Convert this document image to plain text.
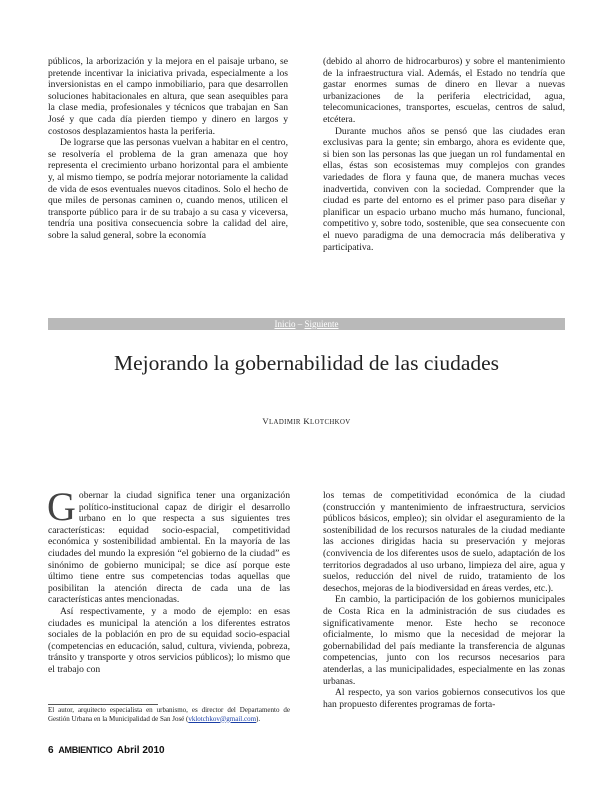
públicos, la arborización y la mejora en el paisaje urbano, se pretende incentivar la iniciativa privada, especialmente a los inversionistas en el campo inmobiliario, para que desarrollen soluciones habitacionales en altura, que sean asequibles para la clase media, profesionales y técnicos que trabajan en San José y que cada día pierden tiempo y dinero en largos y costosos desplazamientos hasta la periferia.

De lograrse que las personas vuelvan a habitar en el centro, se resolvería el problema de la gran amenaza que hoy representa el crecimiento urbano horizontal para el ambiente y, al mismo tiempo, se podría mejorar notoriamente la calidad de vida de esos eventuales nuevos citadinos. Solo el hecho de que miles de personas caminen o, cuando menos, utilicen el transporte público para ir de su trabajo a su casa y viceversa, tendría una positiva consecuencia sobre la calidad del aire, sobre la salud general, sobre la economía

(debido al ahorro de hidrocarburos) y sobre el mantenimiento de la infraestructura vial. Además, el Estado no tendría que gastar enormes sumas de dinero en llevar a nuevas urbanizaciones de la periferia electricidad, agua, telecomunicaciones, transportes, escuelas, centros de salud, etcétera.

Durante muchos años se pensó que las ciudades eran exclusivas para la gente; sin embargo, ahora es evidente que, si bien son las personas las que juegan un rol fundamental en ellas, éstas son ecosistemas muy complejos con grandes variedades de flora y fauna que, de manera muchas veces inadvertida, conviven con la sociedad. Comprender que la ciudad es parte del entorno es el primer paso para diseñar y planificar un espacio urbano mucho más humano, funcional, competitivo y, sobre todo, sostenible, que sea consecuente con el nuevo paradigma de una democracia más deliberativa y participativa.

Inicio – Siguiente
Mejorando la gobernabilidad de las ciudades
VLADIMIR KLOTCHKOV

Gobernar la ciudad significa tener una organización político-institucional capaz de dirigir el desarrollo urbano en lo que respecta a sus siguientes tres características: equidad socio-espacial, competitividad económica y sostenibilidad ambiental. En la mayoría de las ciudades del mundo la expresión “el gobierno de la ciudad” es sinónimo de gobierno municipal; se dice así porque este último tiene entre sus competencias todas aquellas que posibilitan la atención directa de cada una de las características antes mencionadas.

Así respectivamente, y a modo de ejemplo: en esas ciudades es municipal la atención a los diferentes estratos sociales de la población en pro de su equidad socio-espacial (competencias en educación, salud, cultura, vivienda, pobreza, tránsito y transporte y otros servicios públicos); lo mismo que el trabajo con

los temas de competitividad económica de la ciudad (construcción y mantenimiento de infraestructura, servicios públicos básicos, empleo); sin olvidar el aseguramiento de la sostenibilidad de los recursos naturales de la ciudad mediante las acciones dirigidas hacia su preservación y mejoras (convivencia de los diferentes usos de suelo, adaptación de los territorios degradados al uso urbano, limpieza del aire, agua y suelos, reducción del nivel de ruido, tratamiento de los desechos, mejoras de la biodiversidad en áreas verdes, etc.).

En cambio, la participación de los gobiernos municipales de Costa Rica en la administración de sus ciudades es significativamente menor. Este hecho se reconoce oficialmente, lo mismo que la necesidad de mejorar la gobernabilidad del país mediante la transferencia de algunas competencias, junto con los recursos necesarios para atenderlas, a las municipalidades, especialmente en las zonas urbanas.

Al respecto, ya son varios gobiernos consecutivos los que han propuesto diferentes programas de forta-

El autor, arquitecto especialista en urbanismo, es director del Departamento de Gestión Urbana en la Municipalidad de San José (vklotchkov@gmail.com).
6 AMBIENTICO Abril 2010
